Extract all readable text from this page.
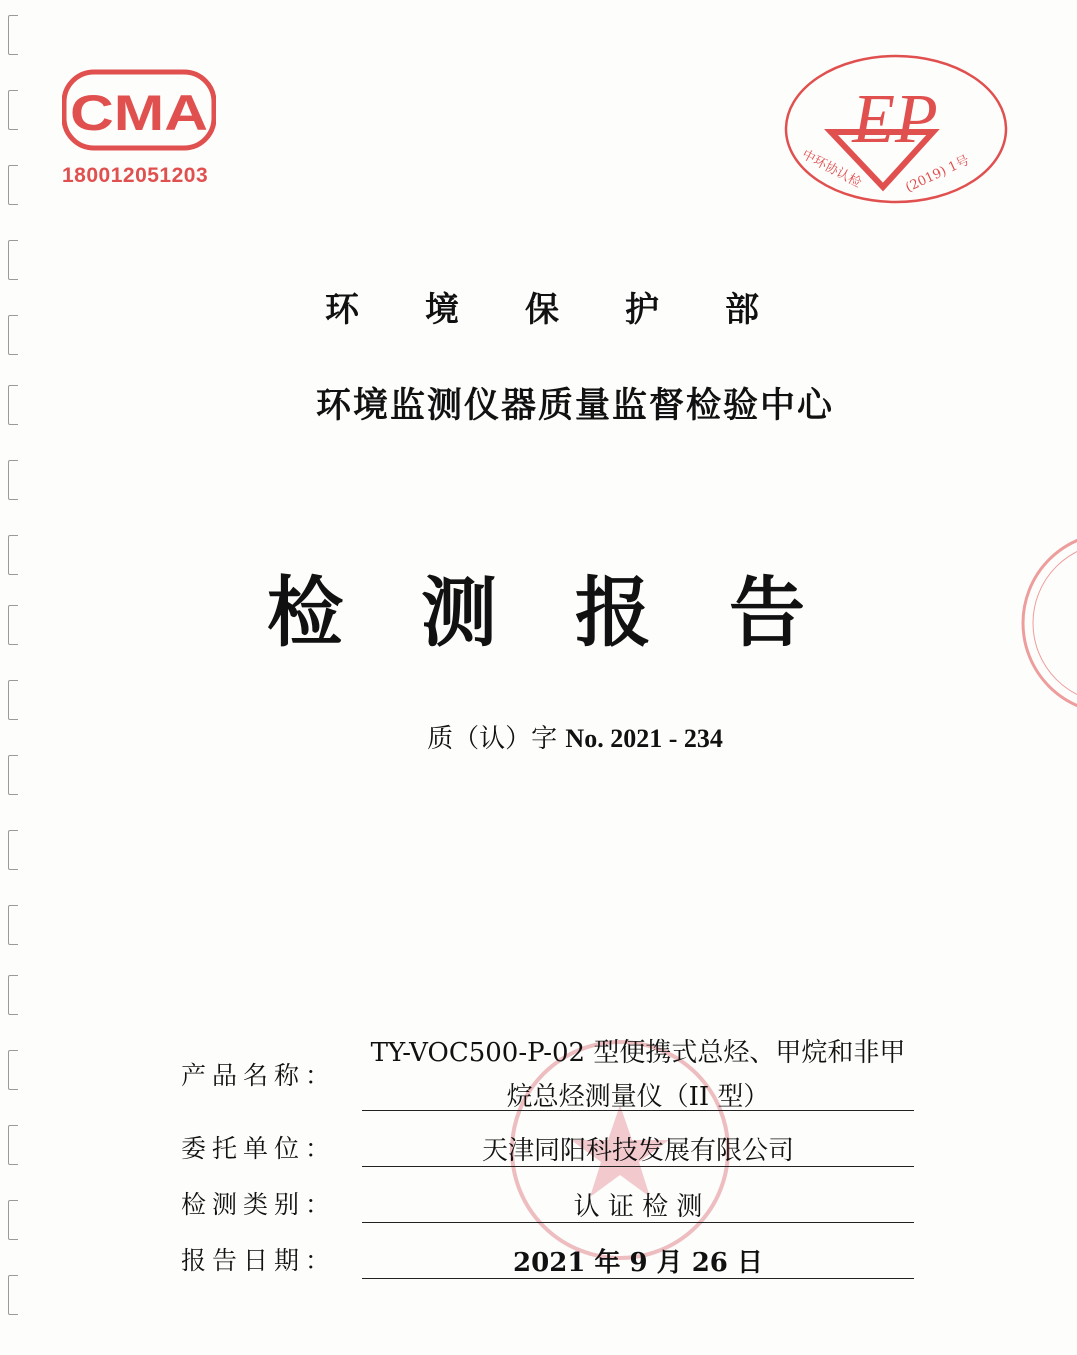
CMA
180012051203
EP
中环协认检	(2019) 1号
环境保护部
环境监测仪器质量监督检验中心
检测报告
质（认）字 No. 2021 - 234
产品名称：
TY-VOC500-P-02 型便携式总烃、甲烷和非甲
烷总烃测量仪（II 型）
委托单位：	天津同阳科技发展有限公司
检测类别：	认 证 检 测
报告日期：	2021 年 9 月 26 日
